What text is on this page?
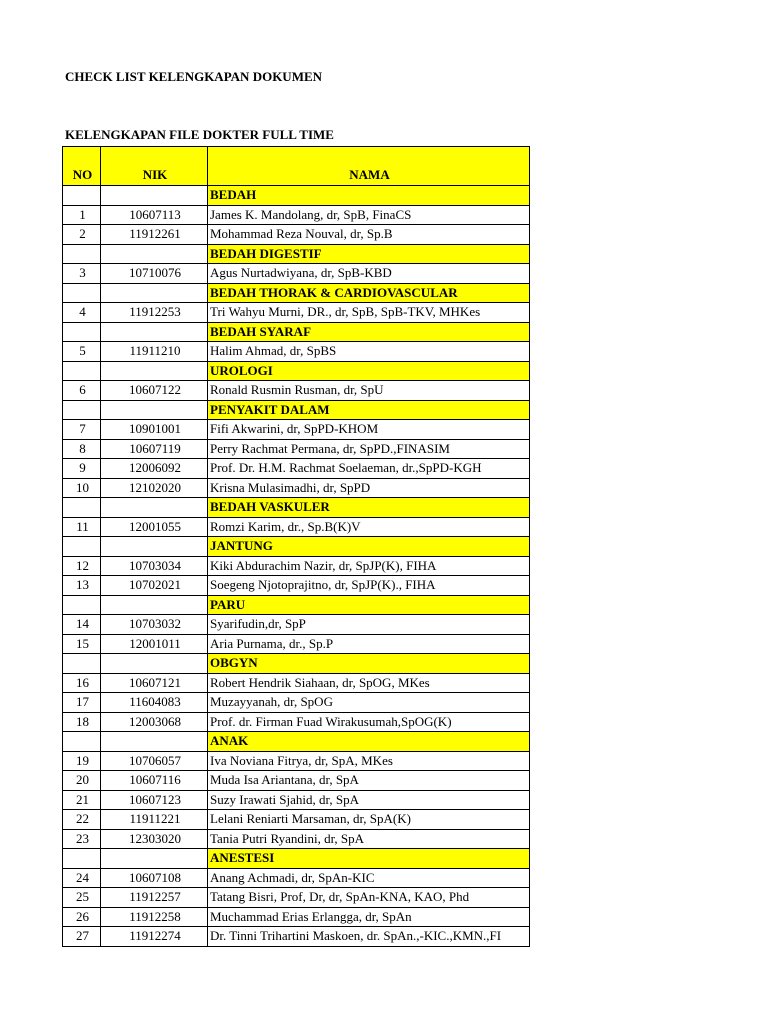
CHECK LIST KELENGKAPAN DOKUMEN
KELENGKAPAN FILE DOKTER FULL TIME
NO	NIK	NAMA
		BEDAH
1	10607113	James K. Mandolang, dr, SpB, FinaCS
2	11912261	Mohammad Reza Nouval, dr, Sp.B
		BEDAH DIGESTIF
3	10710076	Agus Nurtadwiyana, dr, SpB-KBD
		BEDAH THORAK & CARDIOVASCULAR
4	11912253	Tri Wahyu Murni, DR., dr, SpB, SpB-TKV, MHKes
		BEDAH SYARAF
5	11911210	Halim Ahmad, dr, SpBS
		UROLOGI
6	10607122	Ronald Rusmin Rusman, dr, SpU
		PENYAKIT DALAM
7	10901001	Fifi Akwarini, dr, SpPD-KHOM
8	10607119	Perry Rachmat Permana, dr, SpPD.,FINASIM
9	12006092	Prof. Dr. H.M. Rachmat Soelaeman, dr.,SpPD-KGH
10	12102020	Krisna Mulasimadhi, dr, SpPD
		BEDAH VASKULER
11	12001055	Romzi Karim, dr., Sp.B(K)V
		JANTUNG
12	10703034	Kiki Abdurachim Nazir, dr, SpJP(K), FIHA
13	10702021	Soegeng Njotoprajitno, dr, SpJP(K)., FIHA
		PARU
14	10703032	Syarifudin,dr, SpP
15	12001011	Aria Purnama, dr., Sp.P
		OBGYN
16	10607121	Robert Hendrik Siahaan, dr, SpOG, MKes
17	11604083	Muzayyanah, dr, SpOG
18	12003068	Prof. dr. Firman Fuad Wirakusumah,SpOG(K)
		ANAK
19	10706057	Iva Noviana Fitrya, dr, SpA, MKes
20	10607116	Muda Isa Ariantana, dr, SpA
21	10607123	Suzy Irawati Sjahid, dr, SpA
22	11911221	Lelani Reniarti Marsaman, dr, SpA(K)
23	12303020	Tania Putri Ryandini, dr, SpA
		ANESTESI
24	10607108	Anang Achmadi, dr, SpAn-KIC
25	11912257	Tatang Bisri, Prof, Dr, dr, SpAn-KNA, KAO, Phd
26	11912258	Muchammad Erias Erlangga, dr, SpAn
27	11912274	Dr. Tinni Trihartini Maskoen, dr. SpAn.,-KIC.,KMN.,FI
